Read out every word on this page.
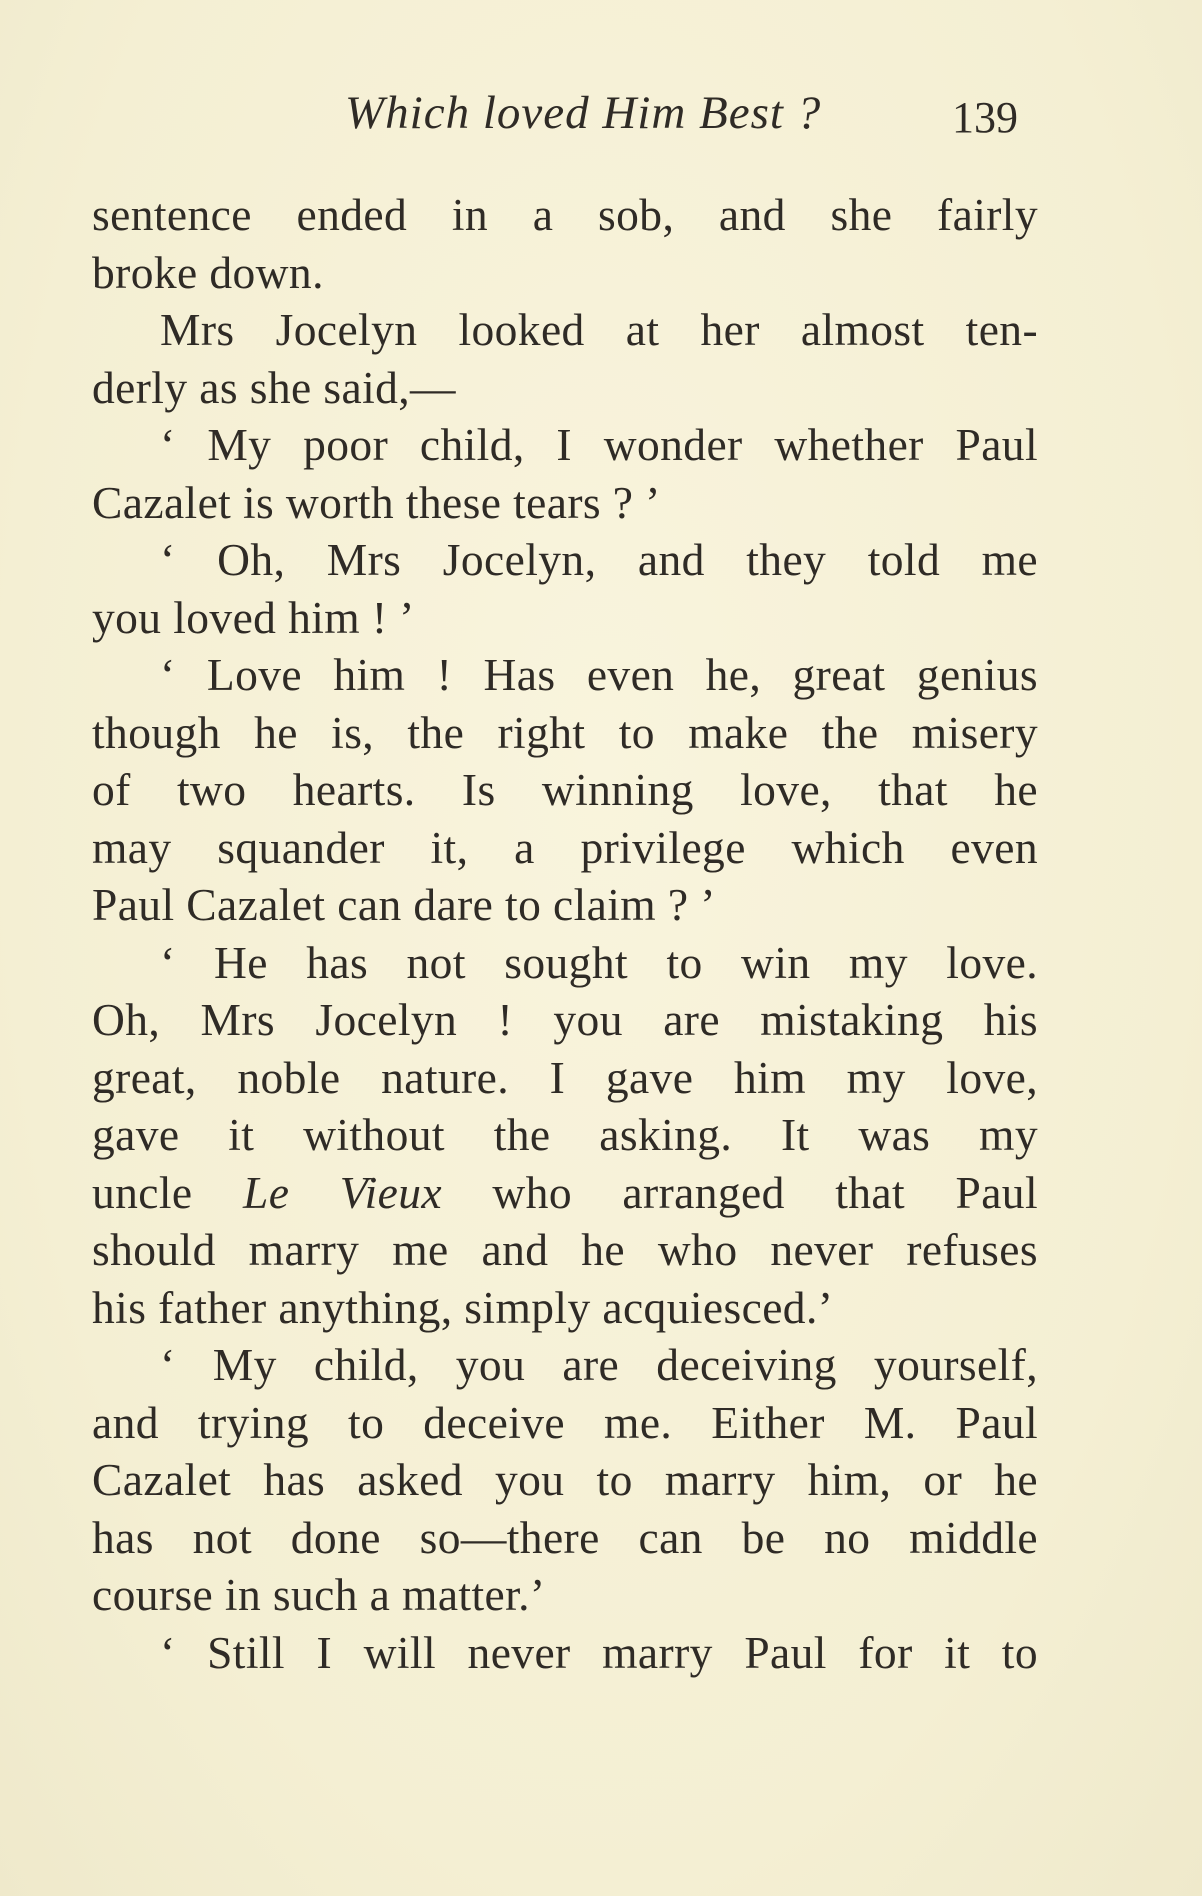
Which loved Him Best ?	139
sentence ended in a sob, and she fairly
broke down.
Mrs Jocelyn looked at her almost ten-
derly as she said,—
‘ My poor child, I wonder whether Paul
Cazalet is worth these tears ? ’
‘ Oh, Mrs Jocelyn, and they told me
you loved him ! ’
‘ Love him ! Has even he, great genius
though he is, the right to make the misery
of two hearts. Is winning love, that he
may squander it, a privilege which even
Paul Cazalet can dare to claim ? ’
‘ He has not sought to win my love.
Oh, Mrs Jocelyn ! you are mistaking his
great, noble nature. I gave him my love,
gave it without the asking. It was my
uncle Le Vieux who arranged that Paul
should marry me and he who never refuses
his father anything, simply acquiesced.’
‘ My child, you are deceiving yourself,
and trying to deceive me. Either M. Paul
Cazalet has asked you to marry him, or he
has not done so—there can be no middle
course in such a matter.’
‘ Still I will never marry Paul for it to
